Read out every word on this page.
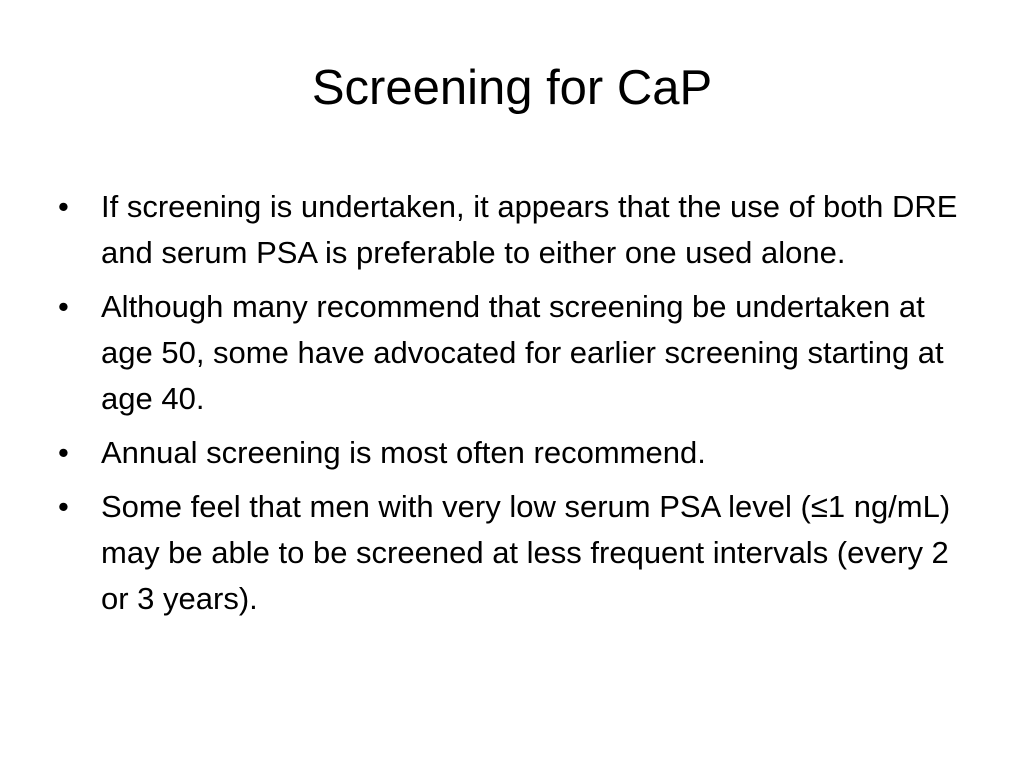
Screening for CaP
•	If screening is undertaken, it appears that the use of both DRE and serum PSA is preferable to either one used alone.
•	Although many recommend that screening be undertaken at age 50, some have advocated for earlier screening starting at age 40.
•	Annual screening is most often recommend.
•	Some feel that men with very low serum PSA level (≤1 ng/mL) may be able to be screened at less frequent intervals (every 2 or 3 years).
